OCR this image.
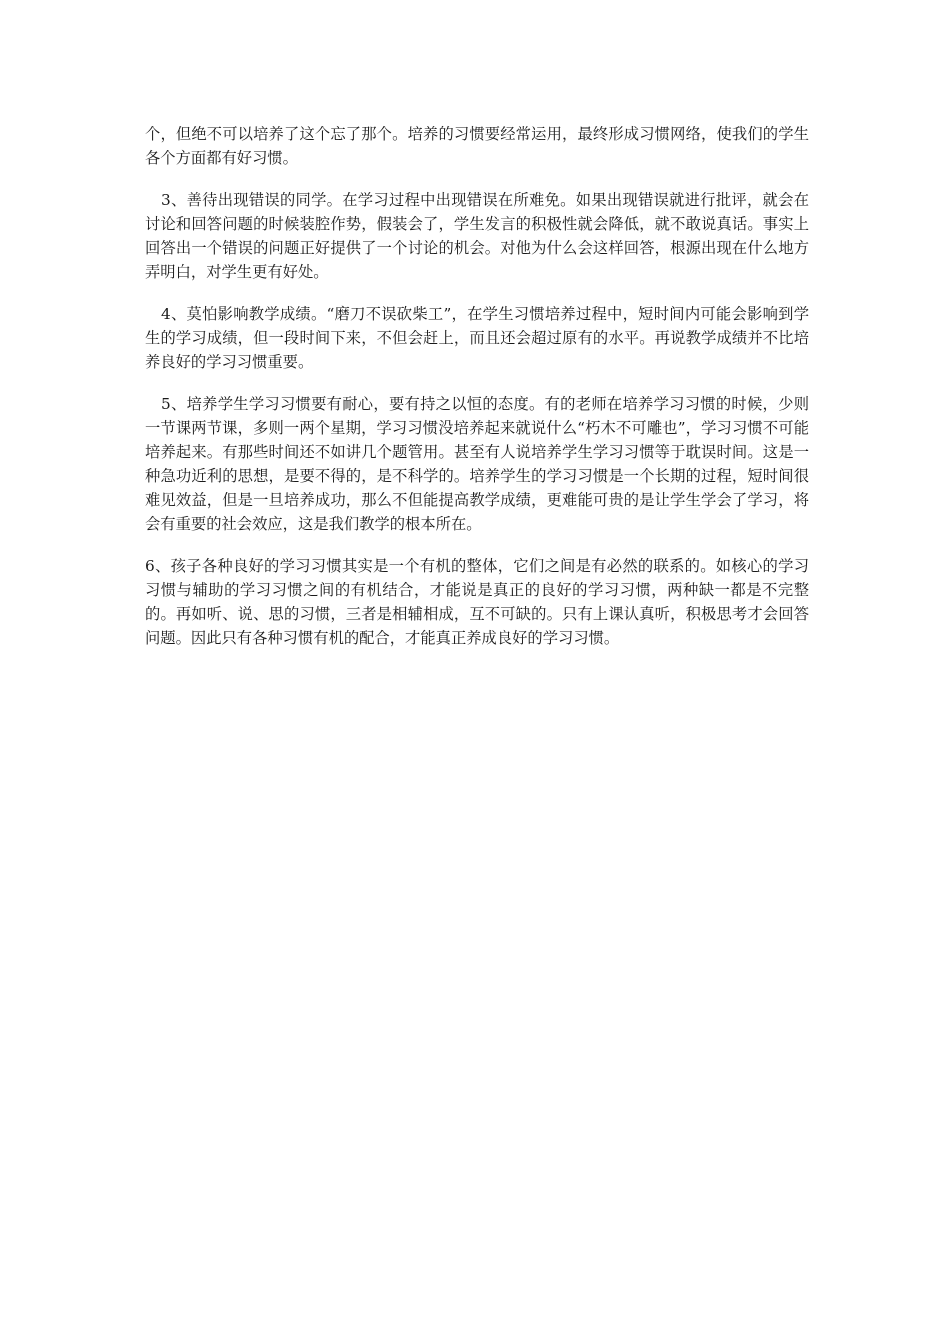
个，但绝不可以培养了这个忘了那个。培养的习惯要经常运用，最终形成习惯网络，使我们的学生各个方面都有好习惯。

3、善待出现错误的同学。在学习过程中出现错误在所难免。如果出现错误就进行批评，就会在讨论和回答问题的时候装腔作势，假装会了，学生发言的积极性就会降低，就不敢说真话。事实上回答出一个错误的问题正好提供了一个讨论的机会。对他为什么会这样回答，根源出现在什么地方弄明白，对学生更有好处。

4、莫怕影响教学成绩。“磨刀不误砍柴工”，在学生习惯培养过程中，短时间内可能会影响到学生的学习成绩，但一段时间下来，不但会赶上，而且还会超过原有的水平。再说教学成绩并不比培养良好的学习习惯重要。

5、培养学生学习习惯要有耐心，要有持之以恒的态度。有的老师在培养学习习惯的时候，少则一节课两节课，多则一两个星期，学习习惯没培养起来就说什么“朽木不可雕也”，学习习惯不可能培养起来。有那些时间还不如讲几个题管用。甚至有人说培养学生学习习惯等于耽误时间。这是一种急功近利的思想，是要不得的，是不科学的。培养学生的学习习惯是一个长期的过程，短时间很难见效益，但是一旦培养成功，那么不但能提高教学成绩，更难能可贵的是让学生学会了学习，将会有重要的社会效应，这是我们教学的根本所在。

6、孩子各种良好的学习习惯其实是一个有机的整体，它们之间是有必然的联系的。如核心的学习习惯与辅助的学习习惯之间的有机结合，才能说是真正的良好的学习习惯，两种缺一都是不完整的。再如听、说、思的习惯，三者是相辅相成，互不可缺的。只有上课认真听，积极思考才会回答问题。因此只有各种习惯有机的配合，才能真正养成良好的学习习惯。
